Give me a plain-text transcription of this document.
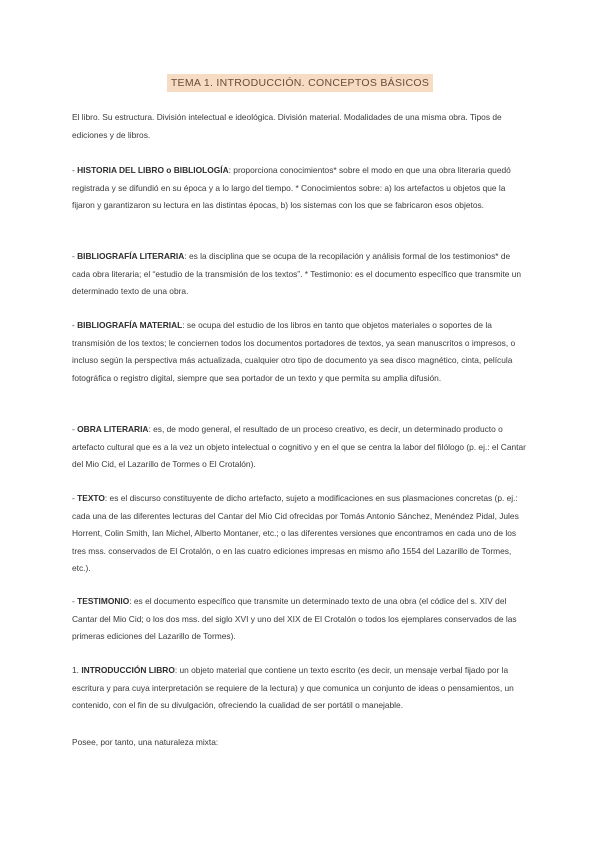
TEMA 1. INTRODUCCIÓN. CONCEPTOS BÁSICOS

El libro. Su estructura. División intelectual e ideológica. División material. Modalidades de una misma obra. Tipos de ediciones y de libros.

- HISTORIA DEL LIBRO o BIBLIOLOGÍA: proporciona conocimientos* sobre el modo en que una obra literaria quedó registrada y se difundió en su época y a lo largo del tiempo. * Conocimientos sobre: a) los artefactos u objetos que la fijaron y garantizaron su lectura en las distintas épocas, b) los sistemas con los que se fabricaron esos objetos.

- BIBLIOGRAFÍA LITERARIA: es la disciplina que se ocupa de la recopilación y análisis formal de los testimonios* de cada obra literaria; el “estudio de la transmisión de los textos”. * Testimonio: es el documento específico que transmite un determinado texto de una obra.

- BIBLIOGRAFÍA MATERIAL: se ocupa del estudio de los libros en tanto que objetos materiales o soportes de la transmisión de los textos; le conciernen todos los documentos portadores de textos, ya sean manuscritos o impresos, o incluso según la perspectiva más actualizada, cualquier otro tipo de documento ya sea disco magnético, cinta, película fotográfica o registro digital, siempre que sea portador de un texto y que permita su amplia difusión.

- OBRA LITERARIA: es, de modo general, el resultado de un proceso creativo, es decir, un determinado producto o artefacto cultural que es a la vez un objeto intelectual o cognitivo y en el que se centra la labor del filólogo (p. ej.: el Cantar del Mio Cid, el Lazarillo de Tormes o El Crotalón).

- TEXTO: es el discurso constituyente de dicho artefacto, sujeto a modificaciones en sus plasmaciones concretas (p. ej.: cada una de las diferentes lecturas del Cantar del Mio Cid ofrecidas por Tomás Antonio Sánchez, Menéndez Pidal, Jules Horrent, Colin Smith, Ian Michel, Alberto Montaner, etc.; o las diferentes versiones que encontramos en cada uno de los tres mss. conservados de El Crotalón, o en las cuatro ediciones impresas en mismo año 1554 del Lazarillo de Tormes, etc.).

- TESTIMONIO: es el documento específico que transmite un determinado texto de una obra (el códice del s. XIV del Cantar del Mio Cid; o los dos mss. del siglo XVI y uno del XIX de El Crotalón o todos los ejemplares conservados de las primeras ediciones del Lazarillo de Tormes).

1. INTRODUCCIÓN LIBRO: un objeto material que contiene un texto escrito (es decir, un mensaje verbal fijado por la escritura y para cuya interpretación se requiere de la lectura) y que comunica un conjunto de ideas o pensamientos, un contenido, con el fin de su divulgación, ofreciendo la cualidad de ser portátil o manejable.

Posee, por tanto, una naturaleza mixta:
